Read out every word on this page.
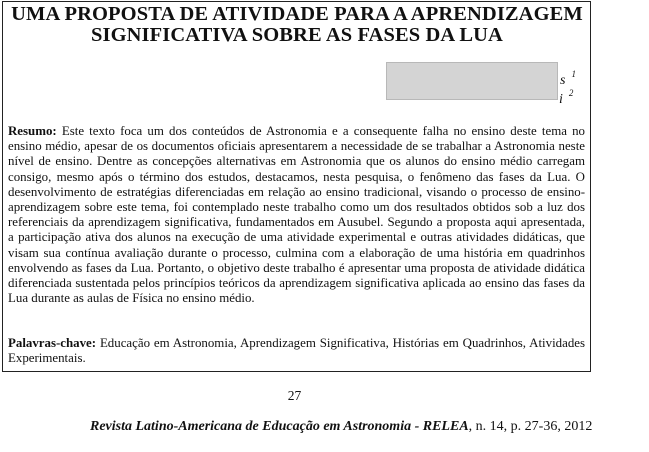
UMA PROPOSTA DE ATIVIDADE PARA A APRENDIZAGEM
SIGNIFICATIVA SOBRE AS FASES DA LUA
s $^1$
i $^2$
Resumo: Este texto foca um dos conteúdos de Astronomia e a consequente falha no ensino deste tema no ensino médio, apesar de os documentos oficiais apresentarem a necessidade de se trabalhar a Astronomia neste nível de ensino. Dentre as concepções alternativas em Astronomia que os alunos do ensino médio carregam consigo, mesmo após o término dos estudos, destacamos, nesta pesquisa, o fenômeno das fases da Lua. O desenvolvimento de estratégias diferenciadas em relação ao ensino tradicional, visando o processo de ensino-aprendizagem sobre este tema, foi contemplado neste trabalho como um dos resultados obtidos sob a luz dos referenciais da aprendizagem significativa, fundamentados em Ausubel. Segundo a proposta aqui apresentada, a participação ativa dos alunos na execução de uma atividade experimental e outras atividades didáticas, que visam sua contínua avaliação durante o processo, culmina com a elaboração de uma história em quadrinhos envolvendo as fases da Lua. Portanto, o objetivo deste trabalho é apresentar uma proposta de atividade didática diferenciada sustentada pelos princípios teóricos da aprendizagem significativa aplicada ao ensino das fases da Lua durante as aulas de Física no ensino médio.
Palavras-chave: Educação em Astronomia, Aprendizagem Significativa, Histórias em Quadrinhos, Atividades Experimentais.
27
Revista Latino-Americana de Educação em Astronomia - RELEA, n. 14, p. 27-36, 2012
